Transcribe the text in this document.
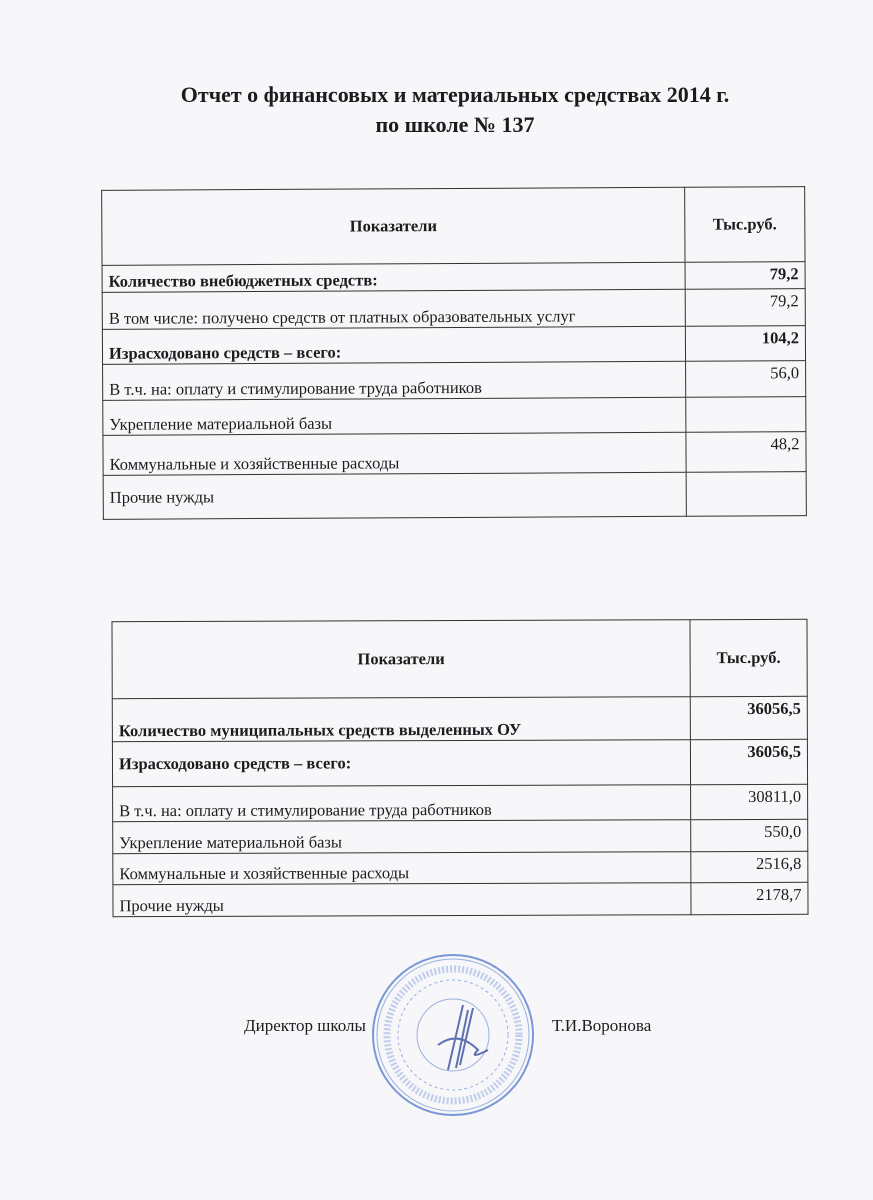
Отчет о финансовых и материальных средствах 2014 г.
по школе № 137
Показатели	Тыс.руб.
Количество внебюджетных средств:	79,2
В том числе: получено средств от платных образовательных услуг	79,2
Израсходовано средств – всего:	104,2
В т.ч. на: оплату и стимулирование труда работников	56,0
Укрепление материальной базы	
Коммунальные и хозяйственные расходы	48,2
Прочие нужды	
Показатели	Тыс.руб.
Количество муниципальных средств выделенных ОУ	36056,5
Израсходовано средств – всего:	36056,5
В т.ч. на: оплату и стимулирование труда работников	30811,0
Укрепление материальной базы	550,0
Коммунальные и хозяйственные расходы	2516,8
Прочие нужды	2178,7
Директор школы	Т.И.Воронова
